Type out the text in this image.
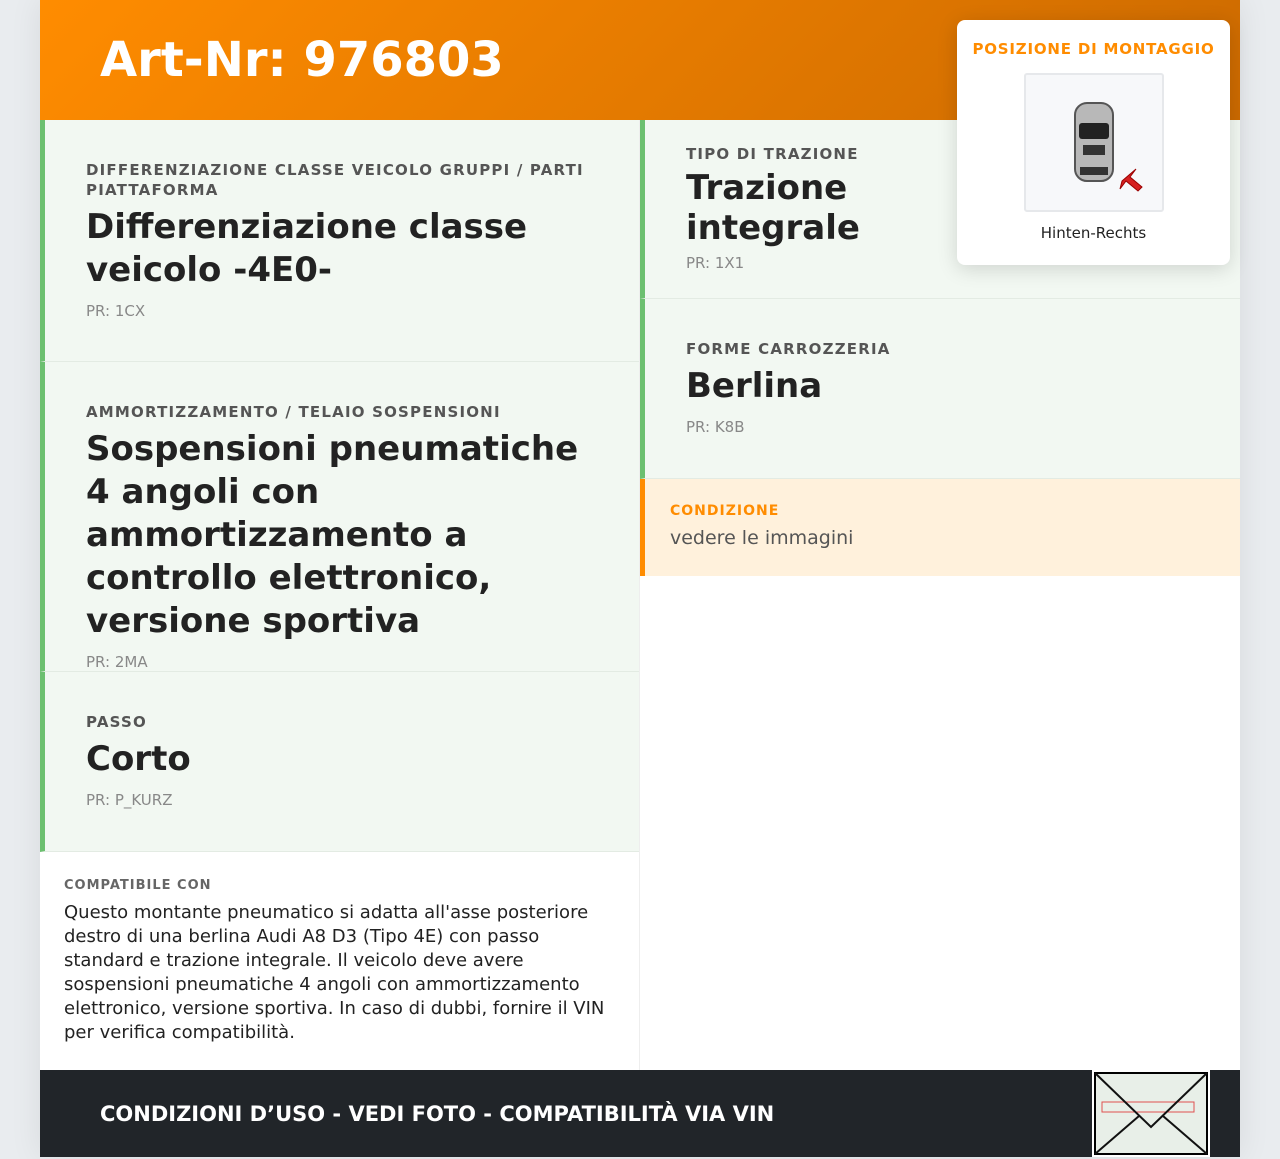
Art-Nr: 976803
DIFFERENZIAZIONE CLASSE VEICOLO GRUPPI / PARTI PIATTAFORMA
Differenziazione classe veicolo -4E0-
PR: 1CX
AMMORTIZZAMENTO / TELAIO SOSPENSIONI
Sospensioni pneumatiche 4 angoli con ammortizzamento a controllo elettronico, versione sportiva
PR: 2MA
PASSO
Corto
PR: P_KURZ
COMPATIBILE CON

Questo montante pneumatico si adatta all'asse posteriore destro di una berlina Audi A8 D3 (Tipo 4E) con passo standard e trazione integrale. Il veicolo deve avere sospensioni pneumatiche 4 angoli con ammortizzamento elettronico, versione sportiva. In caso di dubbi, fornire il VIN per verifica compatibilità.

TIPO DI TRAZIONE
Trazione integrale
PR: 1X1
FORME CARROZZERIA
Berlina
PR: K8B
CONDIZIONE
vedere le immagini
CONDIZIONI D’USO - VEDI FOTO - COMPATIBILITÀ VIA VIN
POSIZIONE DI MONTAGGIO
Hinten-Rechts
